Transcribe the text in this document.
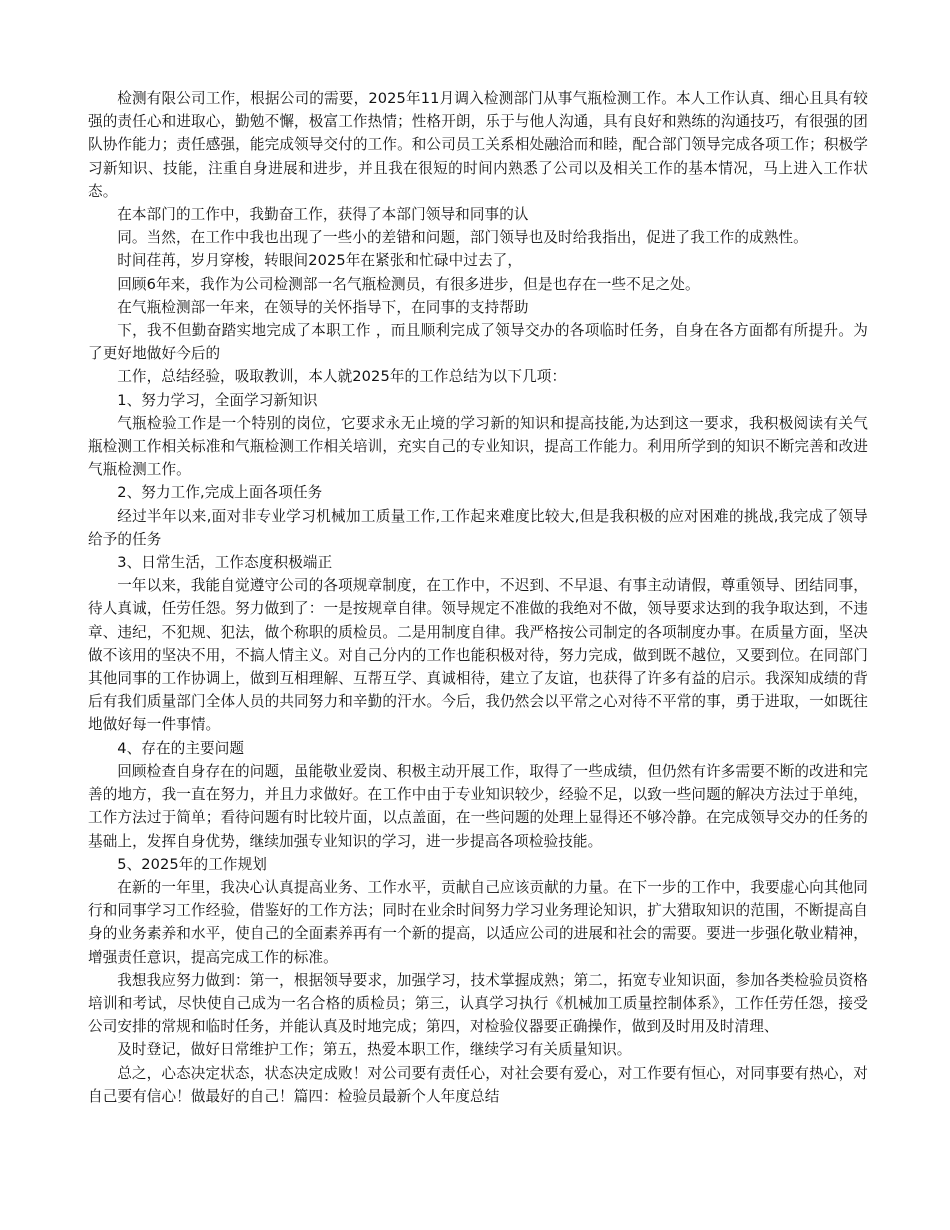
检测有限公司工作，根据公司的需要，2025年11月调入检测部门从事气瓶检测工作。本人工作认真、细心且具有较强的责任心和进取心，勤勉不懈，极富工作热情；性格开朗，乐于与他人沟通，具有良好和熟练的沟通技巧，有很强的团队协作能力；责任感强，能完成领导交付的工作。和公司员工关系相处融洽而和睦，配合部门领导完成各项工作；积极学习新知识、技能，注重自身进展和进步，并且我在很短的时间内熟悉了公司以及相关工作的基本情况，马上进入工作状态。

在本部门的工作中，我勤奋工作，获得了本部门领导和同事的认

同。当然，在工作中我也出现了一些小的差错和问题，部门领导也及时给我指出，促进了我工作的成熟性。

时间荏苒，岁月穿梭，转眼间2025年在紧张和忙碌中过去了，

回顾6年来，我作为公司检测部一名气瓶检测员，有很多进步，但是也存在一些不足之处。

在气瓶检测部一年来，在领导的关怀指导下，在同事的支持帮助

下，我不但勤奋踏实地完成了本职工作 ，而且顺利完成了领导交办的各项临时任务，自身在各方面都有所提升。为了更好地做好今后的

工作，总结经验，吸取教训，本人就2025年的工作总结为以下几项：

1、努力学习，全面学习新知识

气瓶检验工作是一个特别的岗位，它要求永无止境的学习新的知识和提高技能,为达到这一要求，我积极阅读有关气瓶检测工作相关标准和气瓶检测工作相关培训，充实自己的专业知识，提高工作能力。利用所学到的知识不断完善和改进气瓶检测工作。

2、努力工作,完成上面各项任务

经过半年以来,面对非专业学习机械加工质量工作,工作起来难度比较大,但是我积极的应对困难的挑战,我完成了领导给予的任务

3、日常生活，工作态度积极端正

一年以来，我能自觉遵守公司的各项规章制度，在工作中，不迟到、不早退、有事主动请假，尊重领导、团结同事，待人真诚，任劳任怨。努力做到了：一是按规章自律。领导规定不准做的我绝对不做，领导要求达到的我争取达到，不违章、违纪，不犯规、犯法，做个称职的质检员。二是用制度自律。我严格按公司制定的各项制度办事。在质量方面，坚决做不该用的坚决不用，不搞人情主义。对自己分内的工作也能积极对待，努力完成，做到既不越位，又要到位。在同部门其他同事的工作协调上，做到互相理解、互帮互学、真诚相待，建立了友谊，也获得了许多有益的启示。我深知成绩的背后有我们质量部门全体人员的共同努力和辛勤的汗水。今后，我仍然会以平常之心对待不平常的事，勇于进取，一如既往地做好每一件事情。

4、存在的主要问题

回顾检查自身存在的问题，虽能敬业爱岗、积极主动开展工作，取得了一些成绩，但仍然有许多需要不断的改进和完善的地方，我一直在努力，并且力求做好。在工作中由于专业知识较少，经验不足，以致一些问题的解决方法过于单纯，工作方法过于简单；看待问题有时比较片面，以点盖面，在一些问题的处理上显得还不够冷静。在完成领导交办的任务的基础上，发挥自身优势，继续加强专业知识的学习，进一步提高各项检验技能。

5、2025年的工作规划

在新的一年里，我决心认真提高业务、工作水平，贡献自己应该贡献的力量。在下一步的工作中，我要虚心向其他同行和同事学习工作经验，借鉴好的工作方法；同时在业余时间努力学习业务理论知识，扩大猎取知识的范围，不断提高自身的业务素养和水平，使自己的全面素养再有一个新的提高，以适应公司的进展和社会的需要。要进一步强化敬业精神，增强责任意识，提高完成工作的标准。

我想我应努力做到：第一，根据领导要求，加强学习，技术掌握成熟；第二，拓宽专业知识面，参加各类检验员资格培训和考试，尽快使自己成为一名合格的质检员；第三，认真学习执行《机械加工质量控制体系》，工作任劳任怨，接受公司安排的常规和临时任务，并能认真及时地完成；第四，对检验仪器要正确操作，做到及时用及时清理、

及时登记，做好日常维护工作；第五，热爱本职工作，继续学习有关质量知识。

总之，心态决定状态，状态决定成败！对公司要有责任心，对社会要有爱心，对工作要有恒心，对同事要有热心，对自己要有信心！做最好的自己！篇四：检验员最新个人年度总结
